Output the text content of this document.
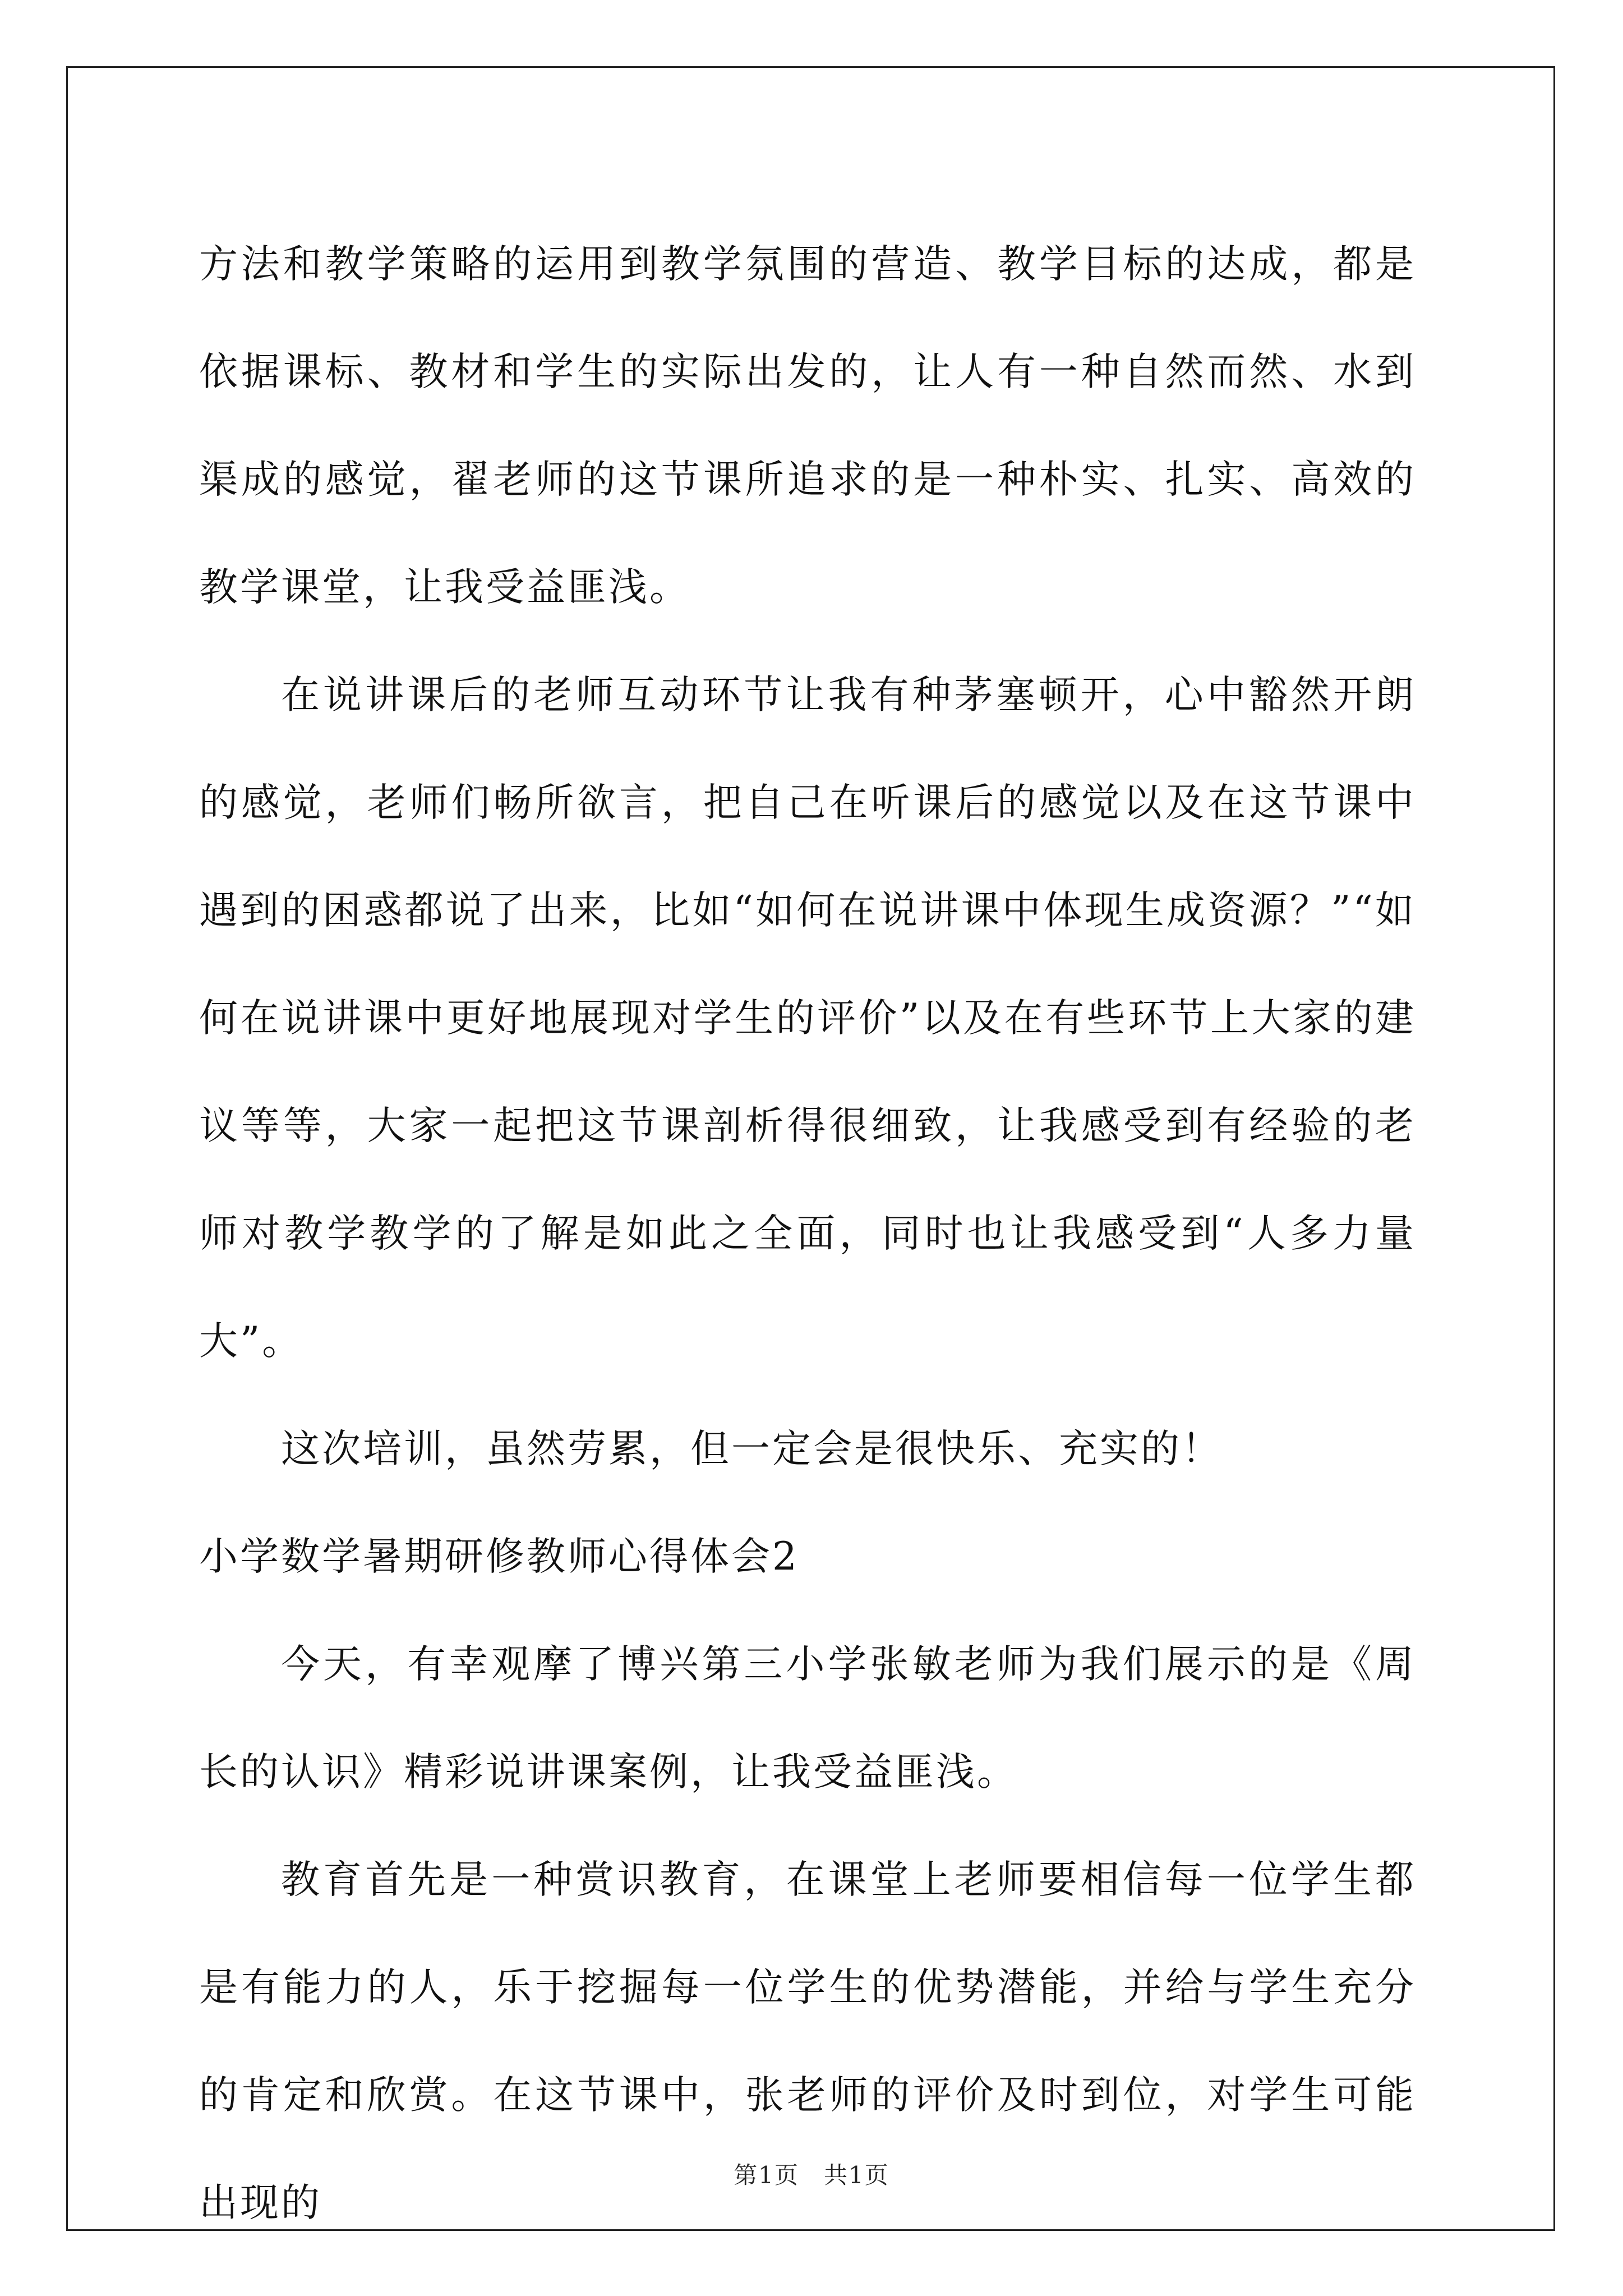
方法和教学策略的运用到教学氛围的营造、教学目标的达成，都是依据课标、教材和学生的实际出发的，让人有一种自然而然、水到渠成的感觉，翟老师的这节课所追求的是一种朴实、扎实、高效的教学课堂，让我受益匪浅。

在说讲课后的老师互动环节让我有种茅塞顿开，心中豁然开朗的感觉，老师们畅所欲言，把自己在听课后的感觉以及在这节课中遇到的困惑都说了出来，比如“如何在说讲课中体现生成资源？”“如何在说讲课中更好地展现对学生的评价”以及在有些环节上大家的建议等等，大家一起把这节课剖析得很细致，让我感受到有经验的老师对教学教学的了解是如此之全面，同时也让我感受到“人多力量大”。

这次培训，虽然劳累，但一定会是很快乐、充实的！

小学数学暑期研修教师心得体会2

今天，有幸观摩了博兴第三小学张敏老师为我们展示的是《周长的认识》精彩说讲课案例，让我受益匪浅。

教育首先是一种赏识教育，在课堂上老师要相信每一位学生都是有能力的人，乐于挖掘每一位学生的优势潜能，并给与学生充分的肯定和欣赏。在这节课中，张老师的评价及时到位，对学生可能出现的

第1页　共1页
